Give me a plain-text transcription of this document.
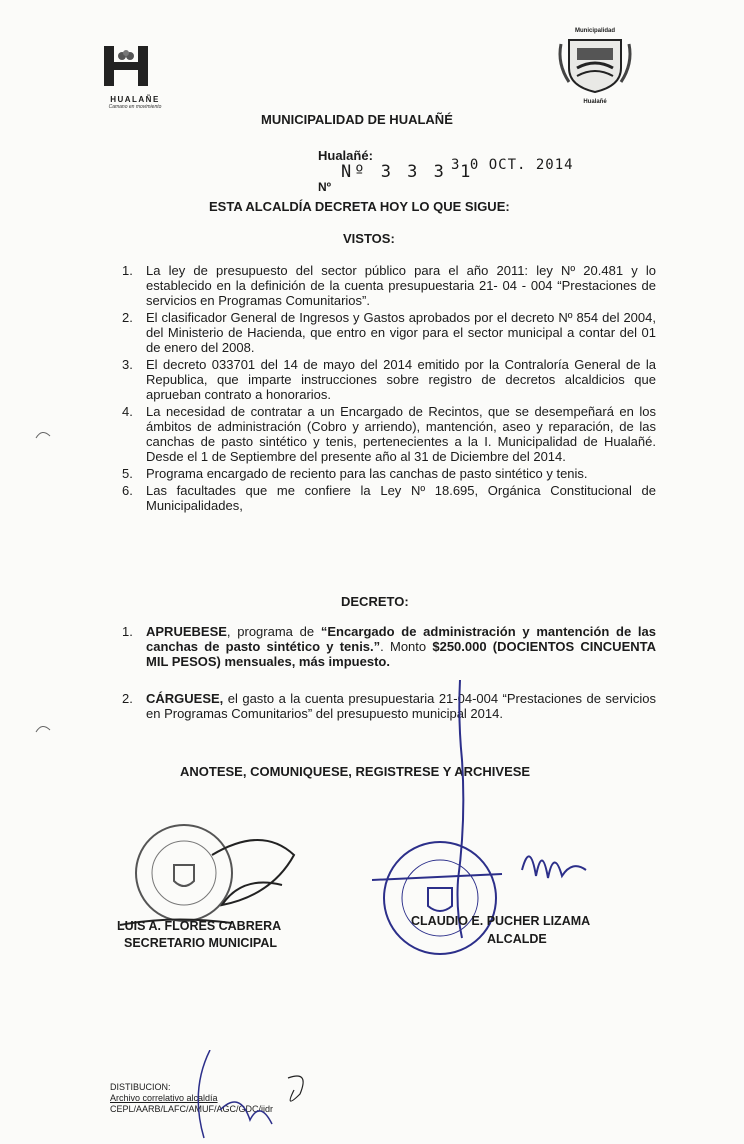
HUALAÑE
Camano en movimiento
Municipalidad
Hualañé
MUNICIPALIDAD DE HUALAÑÉ
Hualañé:
Nº
Nº 3 3 3 1
3 0 OCT. 2014
ESTA ALCALDÍA DECRETA HOY LO QUE SIGUE:
VISTOS:
1. La ley de presupuesto del sector público para el año 2011: ley Nº 20.481 y lo establecido en la definición de la cuenta presupuestaria 21- 04 - 004 “Prestaciones de servicios en Programas Comunitarios”.
2. El clasificador General de Ingresos y Gastos aprobados por el decreto Nº 854 del 2004, del Ministerio de Hacienda, que entro en vigor para el sector municipal a contar del 01 de enero del 2008.
3. El decreto 033701 del 14 de mayo del 2014 emitido por la Contraloría General de la Republica, que imparte instrucciones sobre registro de decretos alcaldicios que aprueban contrato a honorarios.
4. La necesidad de contratar a un Encargado de Recintos, que se desempeñará en los ámbitos de administración (Cobro y arriendo), mantención, aseo y reparación, de las canchas de pasto sintético y tenis, pertenecientes a la I. Municipalidad de Hualañé. Desde el 1 de Septiembre del presente año al 31 de Diciembre del 2014.
5. Programa encargado de reciento para las canchas de pasto sintético y tenis.
6. Las facultades que me confiere la Ley Nº 18.695, Orgánica Constitucional de Municipalidades,
DECRETO:
1. APRUEBESE, programa de “Encargado de administración y mantención de las canchas de pasto sintético y tenis.”. Monto $250.000 (DOCIENTOS CINCUENTA MIL PESOS) mensuales, más impuesto.
2. CÁRGUESE, el gasto a la cuenta presupuestaria 21-04-004 “Prestaciones de servicios en Programas Comunitarios” del presupuesto municipal 2014.
ANOTESE, COMUNIQUESE, REGISTRESE Y ARCHIVESE
LUIS A. FLORES CABRERA
SECRETARIO MUNICIPAL
CLAUDIO E. PUCHER LIZAMA
ALCALDE
DISTIBUCION:
Archivo correlativo alcaldía
CEPL/AARB/LAFC/AMUF/AGC/GDC/iidr
